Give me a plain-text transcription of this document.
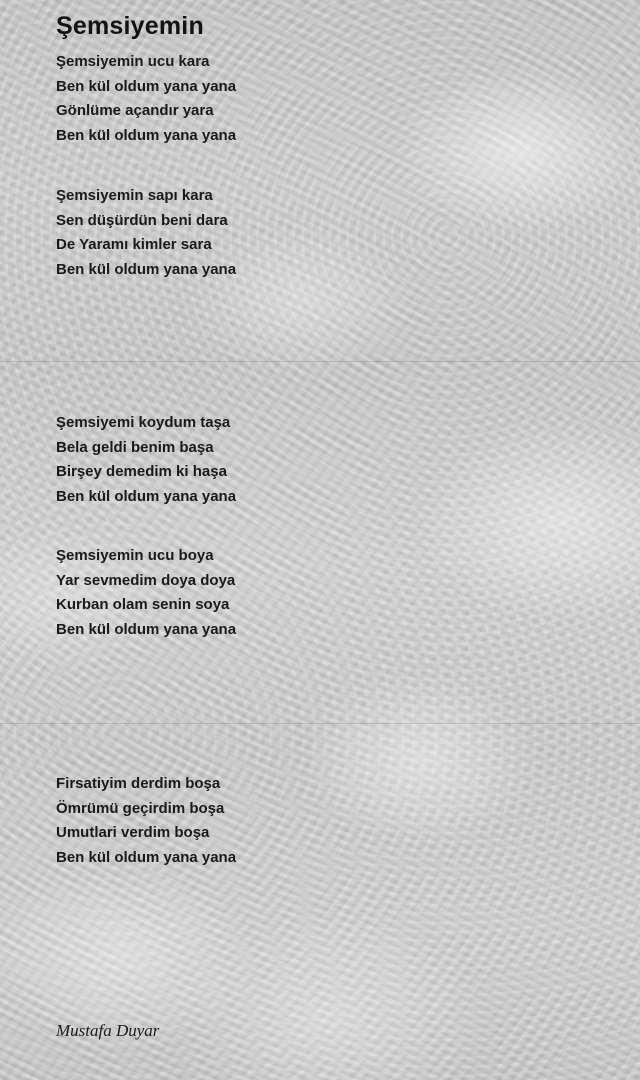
Şemsiyemin
Şemsiyemin ucu kara
Ben kül oldum yana yana
Gönlüme açandır yara
Ben kül oldum yana yana
Şemsiyemin sapı kara
Sen düşürdün beni dara
De Yaramı kimler sara
Ben kül oldum yana yana
Şemsiyemi koydum taşa
Bela geldi benim başa
Birşey demedim ki haşa
Ben kül oldum yana yana
Şemsiyemin ucu boya
Yar sevmedim doya doya
Kurban olam senin soya
Ben kül oldum yana yana
Firsatiyim derdim boşa
Ömrümü geçirdim boşa
Umutlari verdim boşa
Ben kül oldum yana yana
Mustafa Duyar
